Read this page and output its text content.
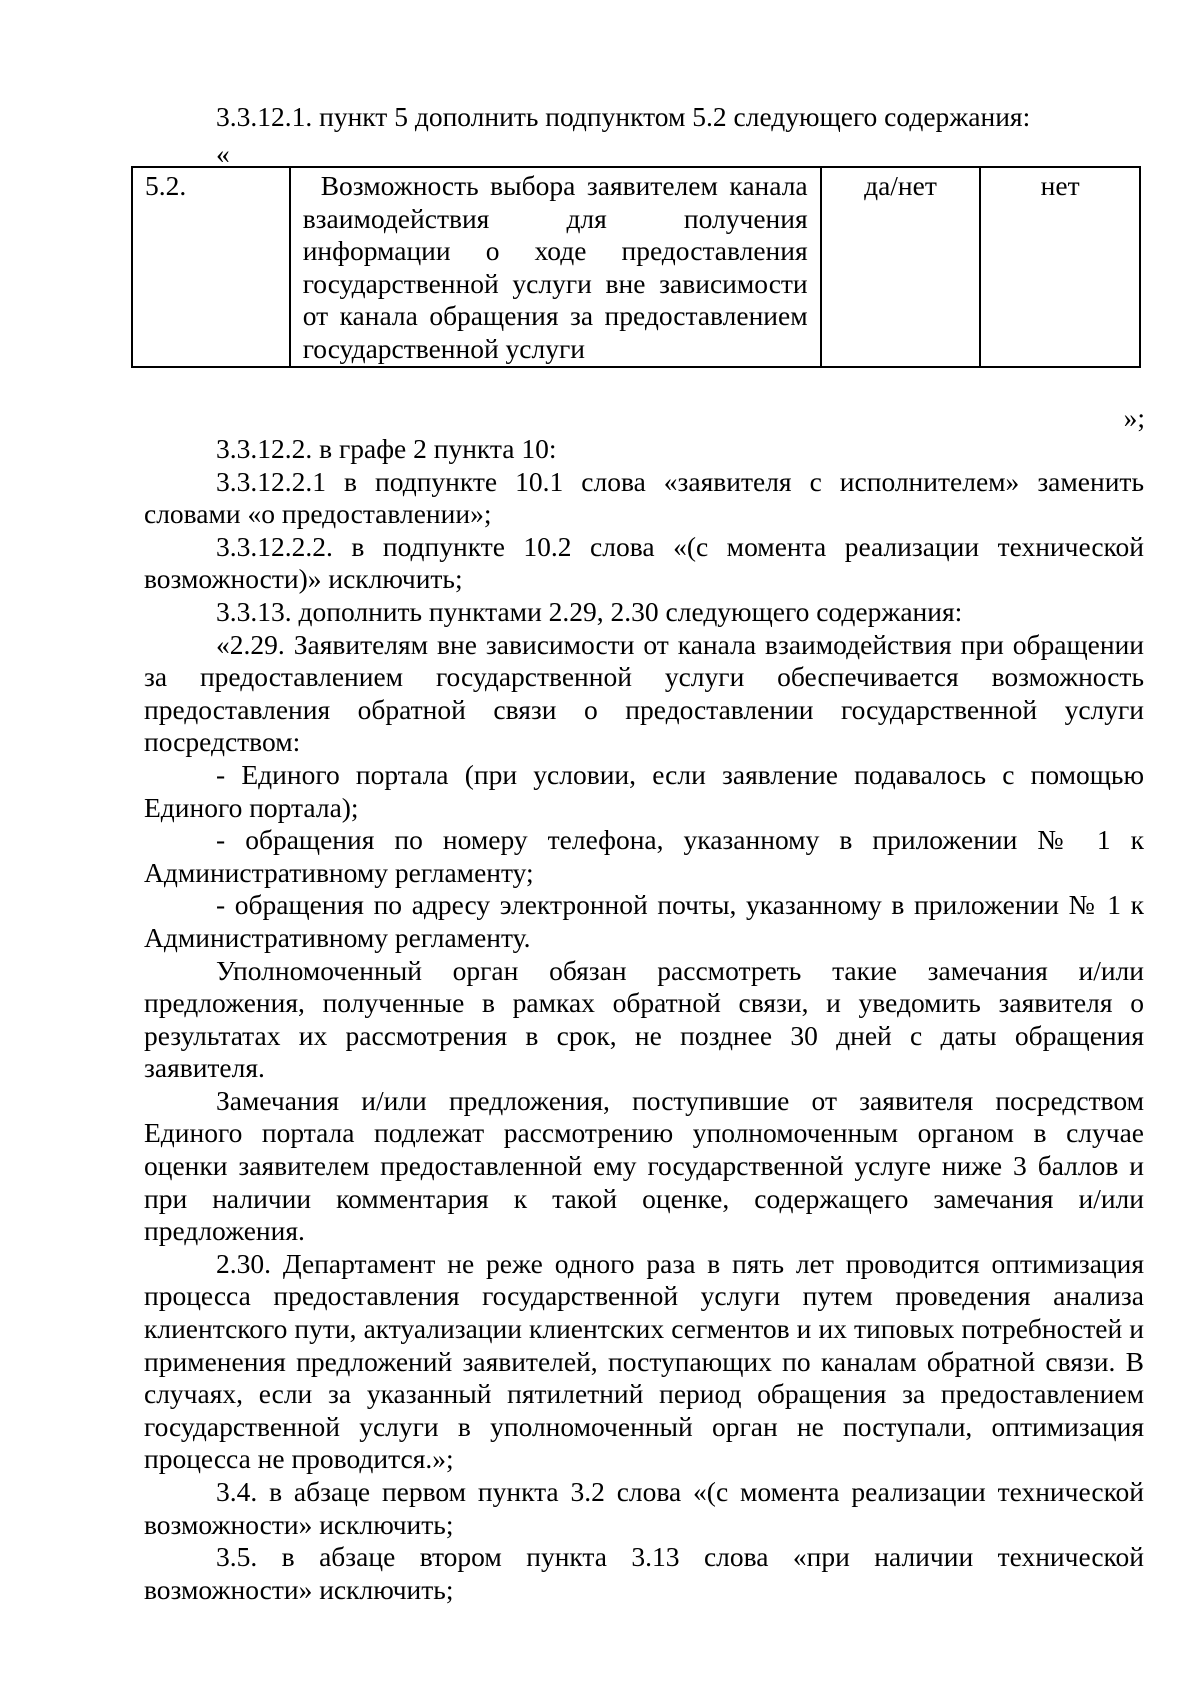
3.3.12.1. пункт 5 дополнить подпунктом 5.2 следующего содержания:

«
5.2.	Возможность выбора заявителем канала взаимодействия для получения информации о ходе предоставления государственной услуги вне зависимости от канала обращения за предоставлением государственной услуги	да/нет	нет
»;

3.3.12.2. в графе 2 пункта 10:

3.3.12.2.1 в подпункте 10.1 слова «заявителя с исполнителем» заменить словами «о предоставлении»;

3.3.12.2.2. в подпункте 10.2 слова «(с момента реализации технической возможности)» исключить;

3.3.13. дополнить пунктами 2.29, 2.30 следующего содержания:

«2.29. Заявителям вне зависимости от канала взаимодействия при обращении за предоставлением государственной услуги обеспечивается возможность предоставления обратной связи о предоставлении государственной услуги посредством:

- Единого портала (при условии, если заявление подавалось с помощью Единого портала);

- обращения по номеру телефона, указанному в приложении № 1 к Административному регламенту;

- обращения по адресу электронной почты, указанному в приложении № 1 к Административному регламенту.

Уполномоченный орган обязан рассмотреть такие замечания и/или предложения, полученные в рамках обратной связи, и уведомить заявителя о результатах их рассмотрения в срок, не позднее 30 дней с даты обращения заявителя.

Замечания и/или предложения, поступившие от заявителя посредством Единого портала подлежат рассмотрению уполномоченным органом в случае оценки заявителем предоставленной ему государственной услуге ниже 3 баллов и при наличии комментария к такой оценке, содержащего замечания и/или предложения.

2.30. Департамент не реже одного раза в пять лет проводится оптимизация процесса предоставления государственной услуги путем проведения анализа клиентского пути, актуализации клиентских сегментов и их типовых потребностей и применения предложений заявителей, поступающих по каналам обратной связи. В случаях, если за указанный пятилетний период обращения за предоставлением государственной услуги в уполномоченный орган не поступали, оптимизация процесса не проводится.»;

3.4. в абзаце первом пункта 3.2 слова «(с момента реализации технической возможности» исключить;

3.5. в абзаце втором пункта 3.13 слова «при наличии технической возможности» исключить;
